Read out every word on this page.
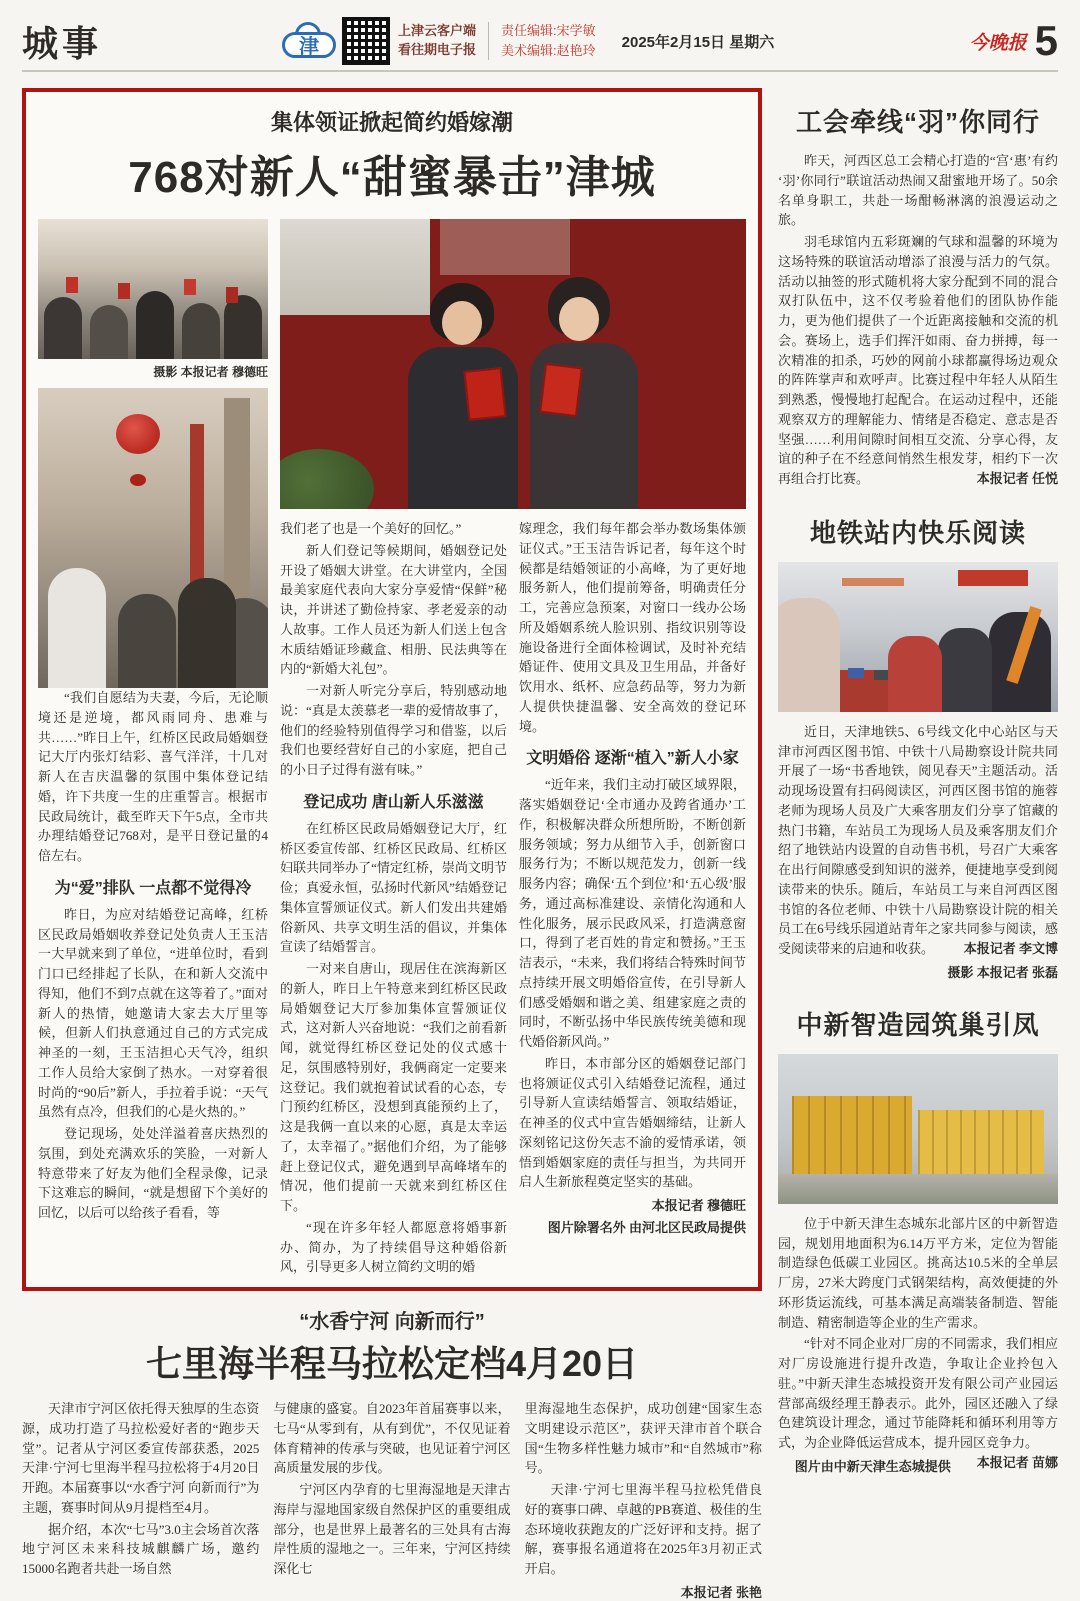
城事	津
上津云客户端
看往期电子报
责任编辑:宋学敏
美术编辑:赵艳玲 2025年2月15日 星期六	今晚报 5
集体领证掀起简约婚嫁潮
768对新人“甜蜜暴击”津城
摄影 本报记者 穆德旺

“我们自愿结为夫妻，今后，无论顺境还是逆境，都风雨同舟、患难与共……”昨日上午，红桥区民政局婚姻登记大厅内张灯结彩、喜气洋洋，十几对新人在吉庆温馨的氛围中集体登记结婚，许下共度一生的庄重誓言。根据市民政局统计，截至昨天下午5点，全市共办理结婚登记768对，是平日登记量的4倍左右。

为“爱”排队 一点都不觉得冷

昨日，为应对结婚登记高峰，红桥区民政局婚姻收养登记处负责人王玉洁一大早就来到了单位，“进单位时，看到门口已经排起了长队，在和新人交流中得知，他们不到7点就在这等着了。”面对新人的热情，她邀请大家去大厅里等候，但新人们执意通过自己的方式完成神圣的一刻，王玉洁担心天气冷，组织工作人员给大家倒了热水。一对穿着很时尚的“90后”新人，手拉着手说：“天气虽然有点冷，但我们的心是火热的。”

登记现场，处处洋溢着喜庆热烈的氛围，到处充满欢乐的笑脸，一对新人特意带来了好友为他们全程录像，记录下这难忘的瞬间，“就是想留下个美好的回忆，以后可以给孩子看看，等

我们老了也是一个美好的回忆。”

新人们登记等候期间，婚姻登记处开设了婚姻大讲堂。在大讲堂内，全国最美家庭代表向大家分享爱情“保鲜”秘诀，并讲述了勤俭持家、孝老爱亲的动人故事。工作人员还为新人们送上包含木质结婚证珍藏盒、相册、民法典等在内的“新婚大礼包”。

一对新人听完分享后，特别感动地说：“真是太羡慕老一辈的爱情故事了，他们的经验特别值得学习和借鉴，以后我们也要经营好自己的小家庭，把自己的小日子过得有滋有味。”

登记成功 唐山新人乐滋滋

在红桥区民政局婚姻登记大厅，红桥区委宣传部、红桥区民政局、红桥区妇联共同举办了“情定红桥，崇尚文明节俭；真爱永恒，弘扬时代新风”结婚登记集体宣誓颁证仪式。新人们发出共建婚俗新风、共享文明生活的倡议，并集体宣读了结婚誓言。

一对来自唐山，现居住在滨海新区的新人，昨日上午特意来到红桥区民政局婚姻登记大厅参加集体宣誓颁证仪式，这对新人兴奋地说：“我们之前看新闻，就觉得红桥区登记处的仪式感十足，氛围感特别好，我俩商定一定要来这登记。我们就抱着试试看的心态，专门预约红桥区，没想到真能预约上了，这是我俩一直以来的心愿，真是太幸运了，太幸福了。”据他们介绍，为了能够赶上登记仪式，避免遇到早高峰堵车的情况，他们提前一天就来到红桥区住下。

“现在许多年轻人都愿意将婚事新办、简办，为了持续倡导这种婚俗新风，引导更多人树立简约文明的婚

嫁理念，我们每年都会举办数场集体颁证仪式。”王玉洁告诉记者，每年这个时候都是结婚领证的小高峰，为了更好地服务新人，他们提前筹备，明确责任分工，完善应急预案，对窗口一线办公场所及婚姻系统人脸识别、指纹识别等设施设备进行全面体检调试，及时补充结婚证件、使用文具及卫生用品，并备好饮用水、纸杯、应急药品等，努力为新人提供快捷温馨、安全高效的登记环境。

文明婚俗 逐渐“植入”新人小家

“近年来，我们主动打破区域界限，落实婚姻登记‘全市通办及跨省通办’工作，积极解决群众所想所盼，不断创新服务领域；努力从细节入手，创新窗口服务行为；不断以规范发力，创新一线服务内容；确保‘五个到位’和‘五心级’服务，通过高标准建设、亲情化沟通和人性化服务，展示民政风采，打造满意窗口，得到了老百姓的肯定和赞扬。”王玉洁表示，“未来，我们将结合特殊时间节点持续开展文明婚俗宣传，在引导新人们感受婚姻和谐之美、组建家庭之责的同时，不断弘扬中华民族传统美德和现代婚俗新风尚。”

昨日，本市部分区的婚姻登记部门也将颁证仪式引入结婚登记流程，通过引导新人宣读结婚誓言、领取结婚证，在神圣的仪式中宣告婚姻缔结，让新人深刻铭记这份矢志不渝的爱情承诺，领悟到婚姻家庭的责任与担当，为共同开启人生新旅程奠定坚实的基础。

本报记者 穆德旺
图片除署名外 由河北区民政局提供
“水香宁河 向新而行”
七里海半程马拉松定档4月20日

天津市宁河区依托得天独厚的生态资源，成功打造了马拉松爱好者的“跑步天堂”。记者从宁河区委宣传部获悉，2025天津·宁河七里海半程马拉松将于4月20日开跑。本届赛事以“水香宁河 向新而行”为主题，赛事时间从9月提档至4月。

据介绍，本次“七马”3.0主会场首次落地宁河区未来科技城麒麟广场，邀约15000名跑者共赴一场自然

与健康的盛宴。自2023年首届赛事以来，七马“从零到有，从有到优”，不仅见证着体育精神的传承与突破，也见证着宁河区高质量发展的步伐。

宁河区内孕育的七里海湿地是天津古海岸与湿地国家级自然保护区的重要组成部分，也是世界上最著名的三处具有古海岸性质的湿地之一。三年来，宁河区持续深化七

里海湿地生态保护，成功创建“国家生态文明建设示范区”，获评天津市首个联合国“生物多样性魅力城市”和“自然城市”称号。

天津·宁河七里海半程马拉松凭借良好的赛事口碑、卓越的PB赛道、极佳的生态环境收获跑友的广泛好评和支持。据了解，赛事报名通道将在2025年3月初正式开启。

本报记者 张艳
工会牵线“羽”你同行

昨天，河西区总工会精心打造的“宫‘惠’有约 ‘羽’你同行”联谊活动热闹又甜蜜地开场了。50余名单身职工，共赴一场酣畅淋漓的浪漫运动之旅。

羽毛球馆内五彩斑斓的气球和温馨的环境为这场特殊的联谊活动增添了浪漫与活力的气氛。活动以抽签的形式随机将大家分配到不同的混合双打队伍中，这不仅考验着他们的团队协作能力，更为他们提供了一个近距离接触和交流的机会。赛场上，选手们挥汗如雨、奋力拼搏，每一次精准的扣杀，巧妙的网前小球都赢得场边观众的阵阵掌声和欢呼声。比赛过程中年轻人从陌生到熟悉，慢慢地打起配合。在运动过程中，还能观察双方的理解能力、情绪是否稳定、意志是否坚强……利用间隙时间相互交流、分享心得，友谊的种子在不经意间悄然生根发芽，相约下一次再组合打比赛。	本报记者 任悦

地铁站内快乐阅读

近日，天津地铁5、6号线文化中心站区与天津市河西区图书馆、中铁十八局勘察设计院共同开展了一场“书香地铁，阅见春天”主题活动。活动现场设置有扫码阅读区，河西区图书馆的施蓉老师为现场人员及广大乘客朋友们分享了馆藏的热门书籍，车站员工为现场人员及乘客朋友们介绍了地铁站内设置的自动售书机，号召广大乘客在出行间隙感受到知识的滋养，便捷地享受到阅读带来的快乐。随后，车站员工与来自河西区图书馆的各位老师、中铁十八局勘察设计院的相关员工在6号线乐园道站青年之家共同参与阅读，感受阅读带来的启迪和收获。	本报记者 李文博

摄影 本报记者 张磊
中新智造园筑巢引凤

位于中新天津生态城东北部片区的中新智造园，规划用地面积为6.14万平方米，定位为智能制造绿色低碳工业园区。挑高达10.5米的全单层厂房，27米大跨度门式钢架结构，高效便捷的外环形货运流线，可基本满足高端装备制造、智能制造、精密制造等企业的生产需求。

“针对不同企业对厂房的不同需求，我们相应对厂房设施进行提升改造，争取让企业拎包入驻。”中新天津生态城投资开发有限公司产业园运营部高级经理王静表示。此外，园区还融入了绿色建筑设计理念，通过节能降耗和循环利用等方式，为企业降低运营成本，提升园区竞争力。
本报记者 苗娜

图片由中新天津生态城提供
